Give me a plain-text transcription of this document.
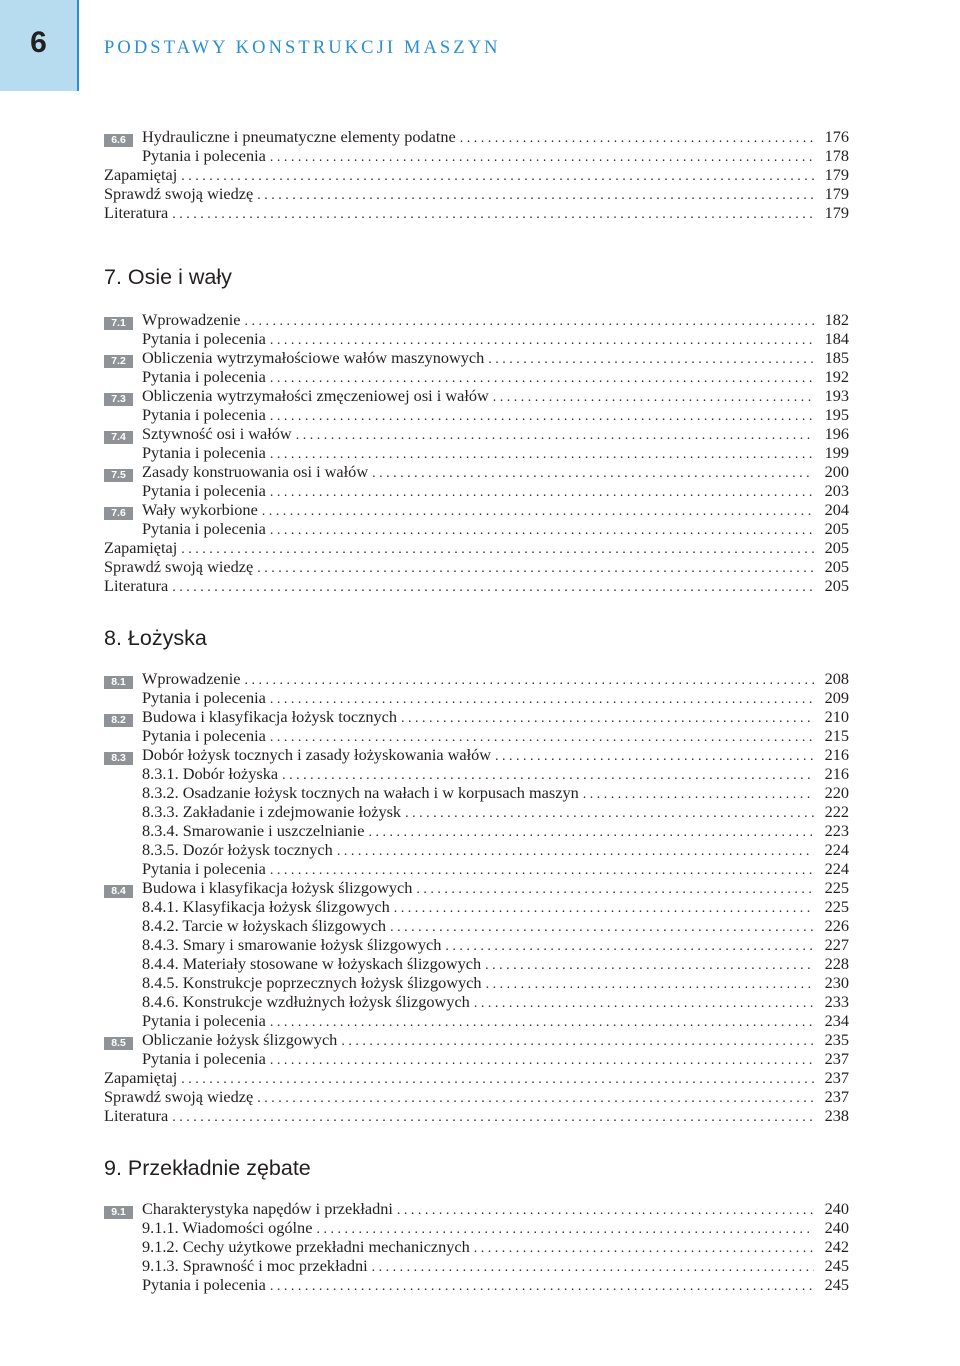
6	PODSTAWY KONSTRUKCJI MASZYN
6.6 Hydrauliczne i pneumatyczne elementy podatne . . .	176
Pytania i polecenia . . .	178
Zapamiętaj . . .	179
Sprawdź swoją wiedzę . . .	179
Literatura . . .	179
7. Osie i wały
7.1 Wprowadzenie . . .	182
Pytania i polecenia . . .	184
7.2 Obliczenia wytrzymałościowe wałów maszynowych . . .	185
Pytania i polecenia . . .	192
7.3 Obliczenia wytrzymałości zmęczeniowej osi i wałów . . .	193
Pytania i polecenia . . .	195
7.4 Sztywność osi i wałów . . .	196
Pytania i polecenia . . .	199
7.5 Zasady konstruowania osi i wałów . . .	200
Pytania i polecenia . . .	203
7.6 Wały wykorbione . . .	204
Pytania i polecenia . . .	205
Zapamiętaj . . .	205
Sprawdź swoją wiedzę . . .	205
Literatura . . .	205
8. Łożyska
8.1 Wprowadzenie . . .	208
Pytania i polecenia . . .	209
8.2 Budowa i klasyfikacja łożysk tocznych . . .	210
Pytania i polecenia . . .	215
8.3 Dobór łożysk tocznych i zasady łożyskowania wałów . . .	216
8.3.1. Dobór łożyska . . .	216
8.3.2. Osadzanie łożysk tocznych na wałach i w korpusach maszyn . . .	220
8.3.3. Zakładanie i zdejmowanie łożysk . . .	222
8.3.4. Smarowanie i uszczelnianie . . .	223
8.3.5. Dozór łożysk tocznych . . .	224
Pytania i polecenia . . .	224
8.4 Budowa i klasyfikacja łożysk ślizgowych . . .	225
8.4.1. Klasyfikacja łożysk ślizgowych . . .	225
8.4.2. Tarcie w łożyskach ślizgowych . . .	226
8.4.3. Smary i smarowanie łożysk ślizgowych . . .	227
8.4.4. Materiały stosowane w łożyskach ślizgowych . . .	228
8.4.5. Konstrukcje poprzecznych łożysk ślizgowych . . .	230
8.4.6. Konstrukcje wzdłużnych łożysk ślizgowych . . .	233
Pytania i polecenia . . .	234
8.5 Obliczanie łożysk ślizgowych . . .	235
Pytania i polecenia . . .	237
Zapamiętaj . . .	237
Sprawdź swoją wiedzę . . .	237
Literatura . . .	238
9. Przekładnie zębate
9.1 Charakterystyka napędów i przekładni . . .	240
9.1.1. Wiadomości ogólne . . .	240
9.1.2. Cechy użytkowe przekładni mechanicznych . . .	242
9.1.3. Sprawność i moc przekładni . . .	245
Pytania i polecenia . . .	245
